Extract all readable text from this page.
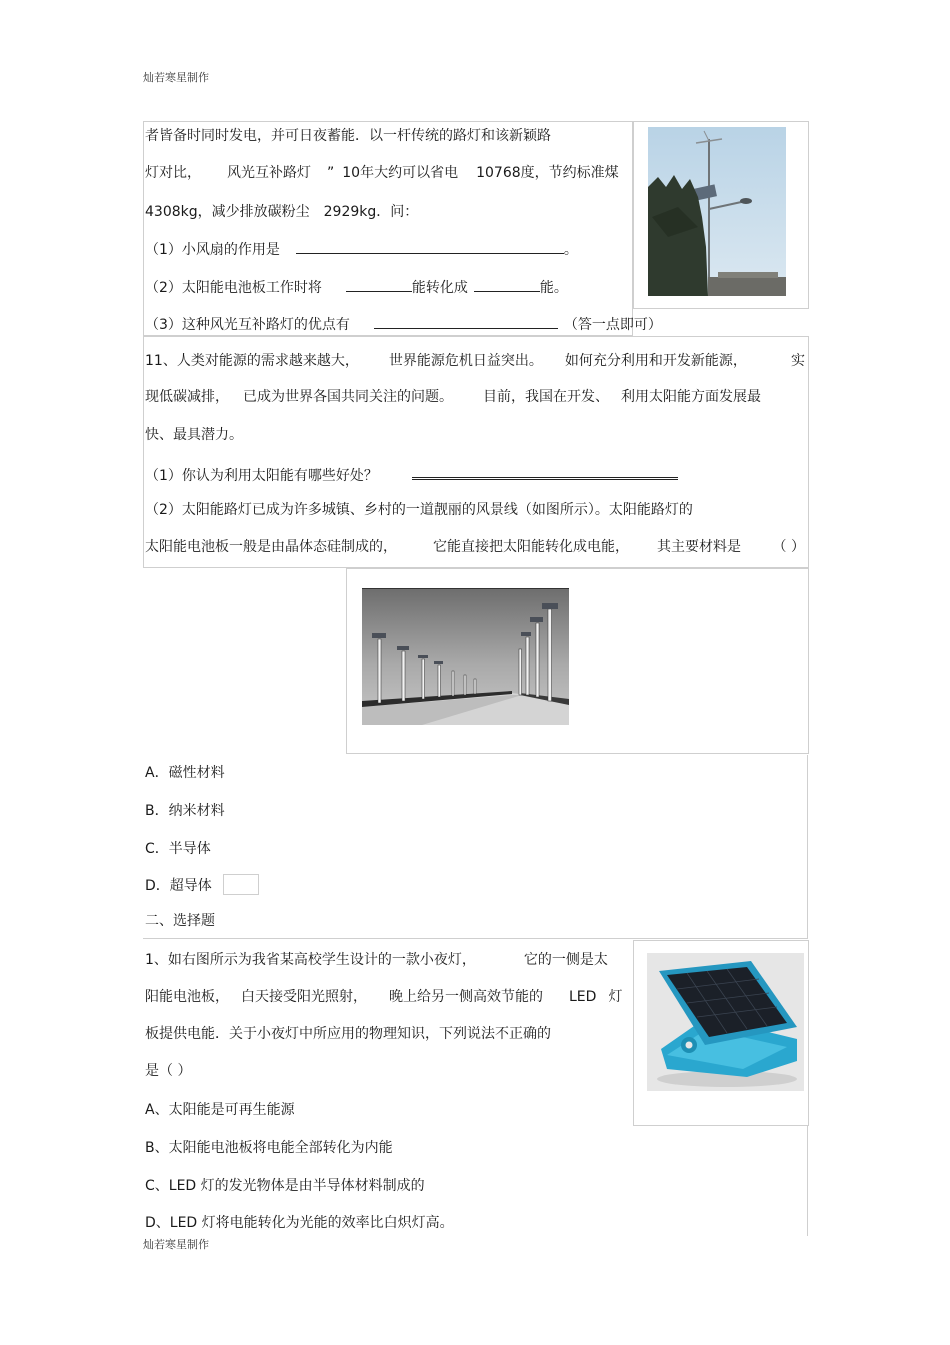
灿若寒星制作
者皆备时同时发电，并可日夜蓄能．以一杆传统的路灯和该新颖路
灯对比， 风光互补路灯 ” 10年大约可以省电 10768度，节约标准煤
4308kg，减少排放碳粉尘 2929kg．问：
（1）小风扇的作用是	。
（2）太阳能电池板工作时将	能转化成	能。
（3）这种风光互补路灯的优点有	（答一点即可）
11、人类对能源的需求越来越大， 世界能源危机日益突出。 如何充分利用和开发新能源，	实
现低碳减排， 已成为世界各国共同关注的问题。 目前，我国在开发、 利用太阳能方面发展最
快、最具潜力。
（1）你认为利用太阳能有哪些好处？
（2）太阳能路灯已成为许多城镇、乡村的一道靓丽的风景线（如图所示）。太阳能路灯的
太阳能电池板一般是由晶体态硅制成的，	它能直接把太阳能转化成电能， 其主要材料是 （ ）
A．磁性材料
B．纳米材料
C．半导体
D．超导体
二、选择题
1、如右图所示为我省某高校学生设计的一款小夜灯，	它的一侧是太
阳能电池板， 白天接受阳光照射， 晚上给另一侧高效节能的 LED 灯
板提供电能．关于小夜灯中所应用的物理知识，下列说法不正确的
是（ ）
A、太阳能是可再生能源
B、太阳能电池板将电能全部转化为内能
C、LED 灯的发光物体是由半导体材料制成的
D、LED 灯将电能转化为光能的效率比白炽灯高。
灿若寒星制作
